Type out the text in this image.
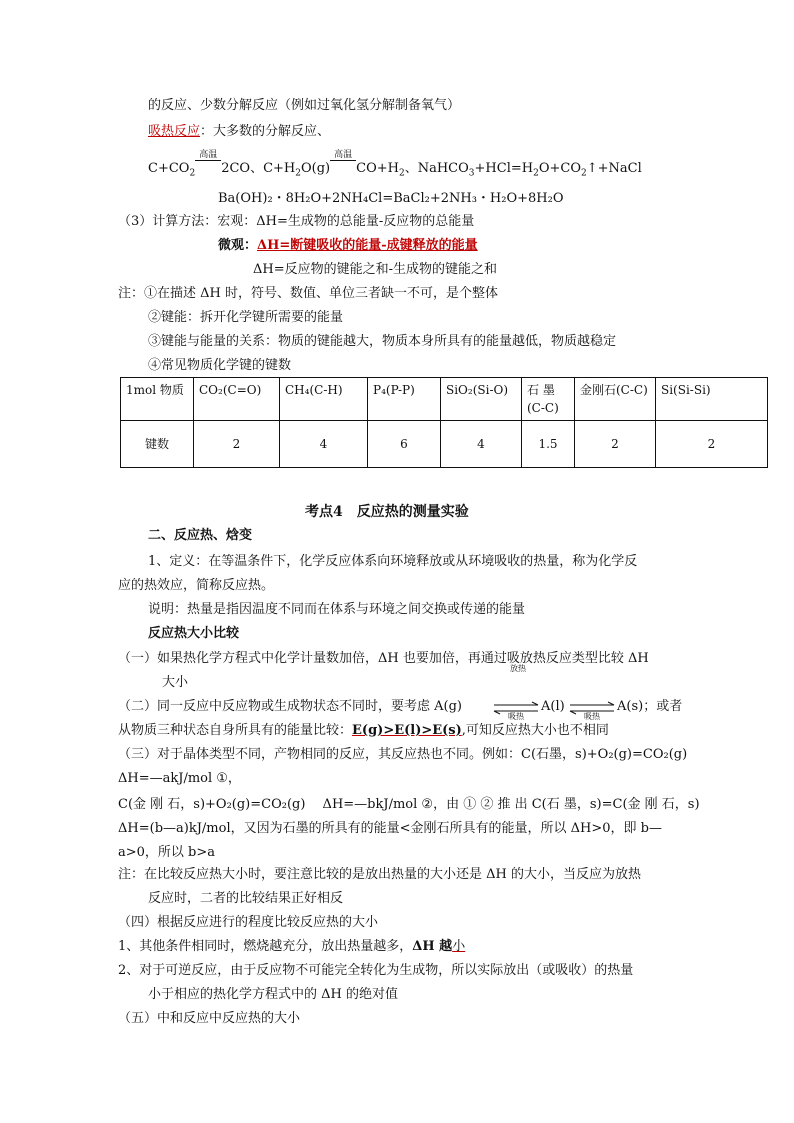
的反应、少数分解反应（例如过氧化氢分解制备氧气）
吸热反应：大多数的分解反应、
$C+CO_2$
高温
2CO、$C+H_2O(g)$
高温
$CO+H_2$、$NaHCO_3+HCl=H_2O+CO_2↑+NaCl$
Ba(OH)₂・8H₂O+2NH₄Cl=BaCl₂+2NH₃・H₂O+8H₂O
（3）计算方法：宏观：ΔH=生成物的总能量-反应物的总能量
微观：ΔH=断键吸收的能量-成键释放的能量
ΔH=反应物的键能之和-生成物的键能之和
注：①在描述 ΔH 时，符号、数值、单位三者缺一不可，是个整体
②键能：拆开化学键所需要的能量
③键能与能量的关系：物质的键能越大，物质本身所具有的能量越低，物质越稳定
④常见物质化学键的键数
1mol 物质	CO₂(C=O)	CH₄(C-H)	P₄(P-P)	SiO₂(Si-O)	石 墨 (C-C)	金刚石(C-C)	Si(Si-Si)
键数	2	4	6	4	1.5	2	2
考点4　反应热的测量实验
二、反应热、焓变
1、定义：在等温条件下，化学反应体系向环境释放或从环境吸收的热量，称为化学反
应的热效应，简称反应热。
说明：热量是指因温度不同而在体系与环境之间交换或传递的能量
反应热大小比较
（一）如果热化学方程式中化学计量数加倍，ΔH 也要加倍，再通过吸放热反应类型比较 ΔH
放热
大小
（二）同一反应中反应物或生成物状态不同时，要考虑 A(g) ⇌ A(l) ⇌ A(s)；或者
吸热	吸热
从物质三种状态自身所具有的能量比较：E(g)>E(l)>E(s),可知反应热大小也不相同
（三）对于晶体类型不同，产物相同的反应，其反应热也不同。例如：C(石墨，s)+O₂(g)=CO₂(g)
ΔH=—akJ/mol ①，
C(金 刚 石，s)+O₂(g)=CO₂(g)　 ΔH=—bkJ/mol ②，由 ① ② 推 出 C(石 墨，s)=C(金 刚 石，s)
ΔH=(b—a)kJ/mol，又因为石墨的所具有的能量<金刚石所具有的能量，所以 ΔH>0，即 b—
a>0，所以 b>a
注：在比较反应热大小时，要注意比较的是放出热量的大小还是 ΔH 的大小，当反应为放热
反应时，二者的比较结果正好相反
（四）根据反应进行的程度比较反应热的大小
1、其他条件相同时，燃烧越充分，放出热量越多，ΔH 越小
2、对于可逆反应，由于反应物不可能完全转化为生成物，所以实际放出（或吸收）的热量
小于相应的热化学方程式中的 ΔH 的绝对值
（五）中和反应中反应热的大小
